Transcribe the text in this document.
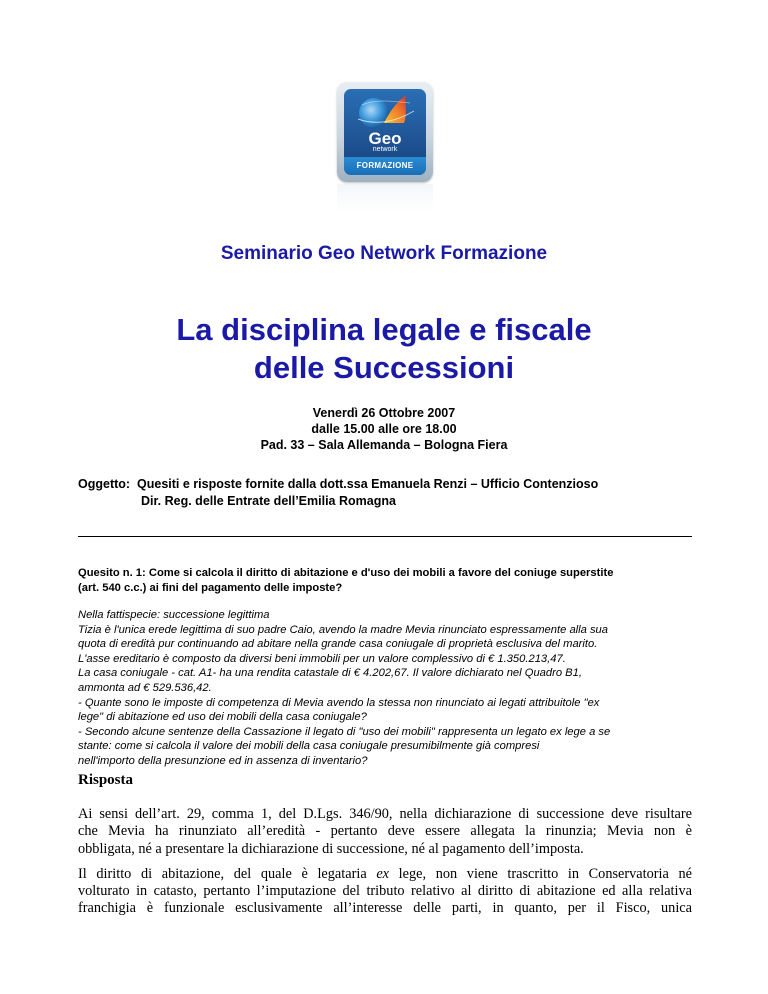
Geo
network
FORMAZIONE
Seminario Geo Network Formazione
La disciplina legale e fiscale
delle Successioni
Venerdì 26 Ottobre 2007
dalle 15.00 alle ore 18.00
Pad. 33 – Sala Allemanda – Bologna Fiera
Oggetto: Quesiti e risposte fornite dalla dott.ssa Emanuela Renzi – Ufficio Contenzioso
Dir. Reg. delle Entrate dell’Emilia Romagna
Quesito n. 1: Come si calcola il diritto di abitazione e d'uso dei mobili a favore del coniuge superstite
(art. 540 c.c.) ai fini del pagamento delle imposte?
Nella fattispecie: successione legittima
Tizia è l'unica erede legittima di suo padre Caio, avendo la madre Mevia rinunciato espressamente alla sua
quota di eredità pur continuando ad abitare nella grande casa coniugale di proprietà esclusiva del marito.
L'asse ereditario è composto da diversi beni immobili per un valore complessivo di € 1.350.213,47.
La casa coniugale - cat. A1- ha una rendita catastale di € 4.202,67. Il valore dichiarato nel Quadro B1,
ammonta ad € 529.536,42.
- Quante sono le imposte di competenza di Mevia avendo la stessa non rinunciato ai legati attribuitole "ex
lege" di abitazione ed uso dei mobili della casa coniugale?
- Secondo alcune sentenze della Cassazione il legato di "uso dei mobili" rappresenta un legato ex lege a se
stante: come si calcola il valore dei mobili della casa coniugale presumibilmente già compresi
nell'importo della presunzione ed in assenza di inventario?
Risposta
Ai sensi dell’art. 29, comma 1, del D.Lgs. 346/90, nella dichiarazione di successione deve risultare
che Mevia ha rinunziato all’eredità - pertanto deve essere allegata la rinunzia; Mevia non è
obbligata, né a presentare la dichiarazione di successione, né al pagamento dell’imposta.
Il diritto di abitazione, del quale è legataria ex lege, non viene trascritto in Conservatoria né
volturato in catasto, pertanto l’imputazione del tributo relativo al diritto di abitazione ed alla relativa
franchigia è funzionale esclusivamente all’interesse delle parti, in quanto, per il Fisco, unica
